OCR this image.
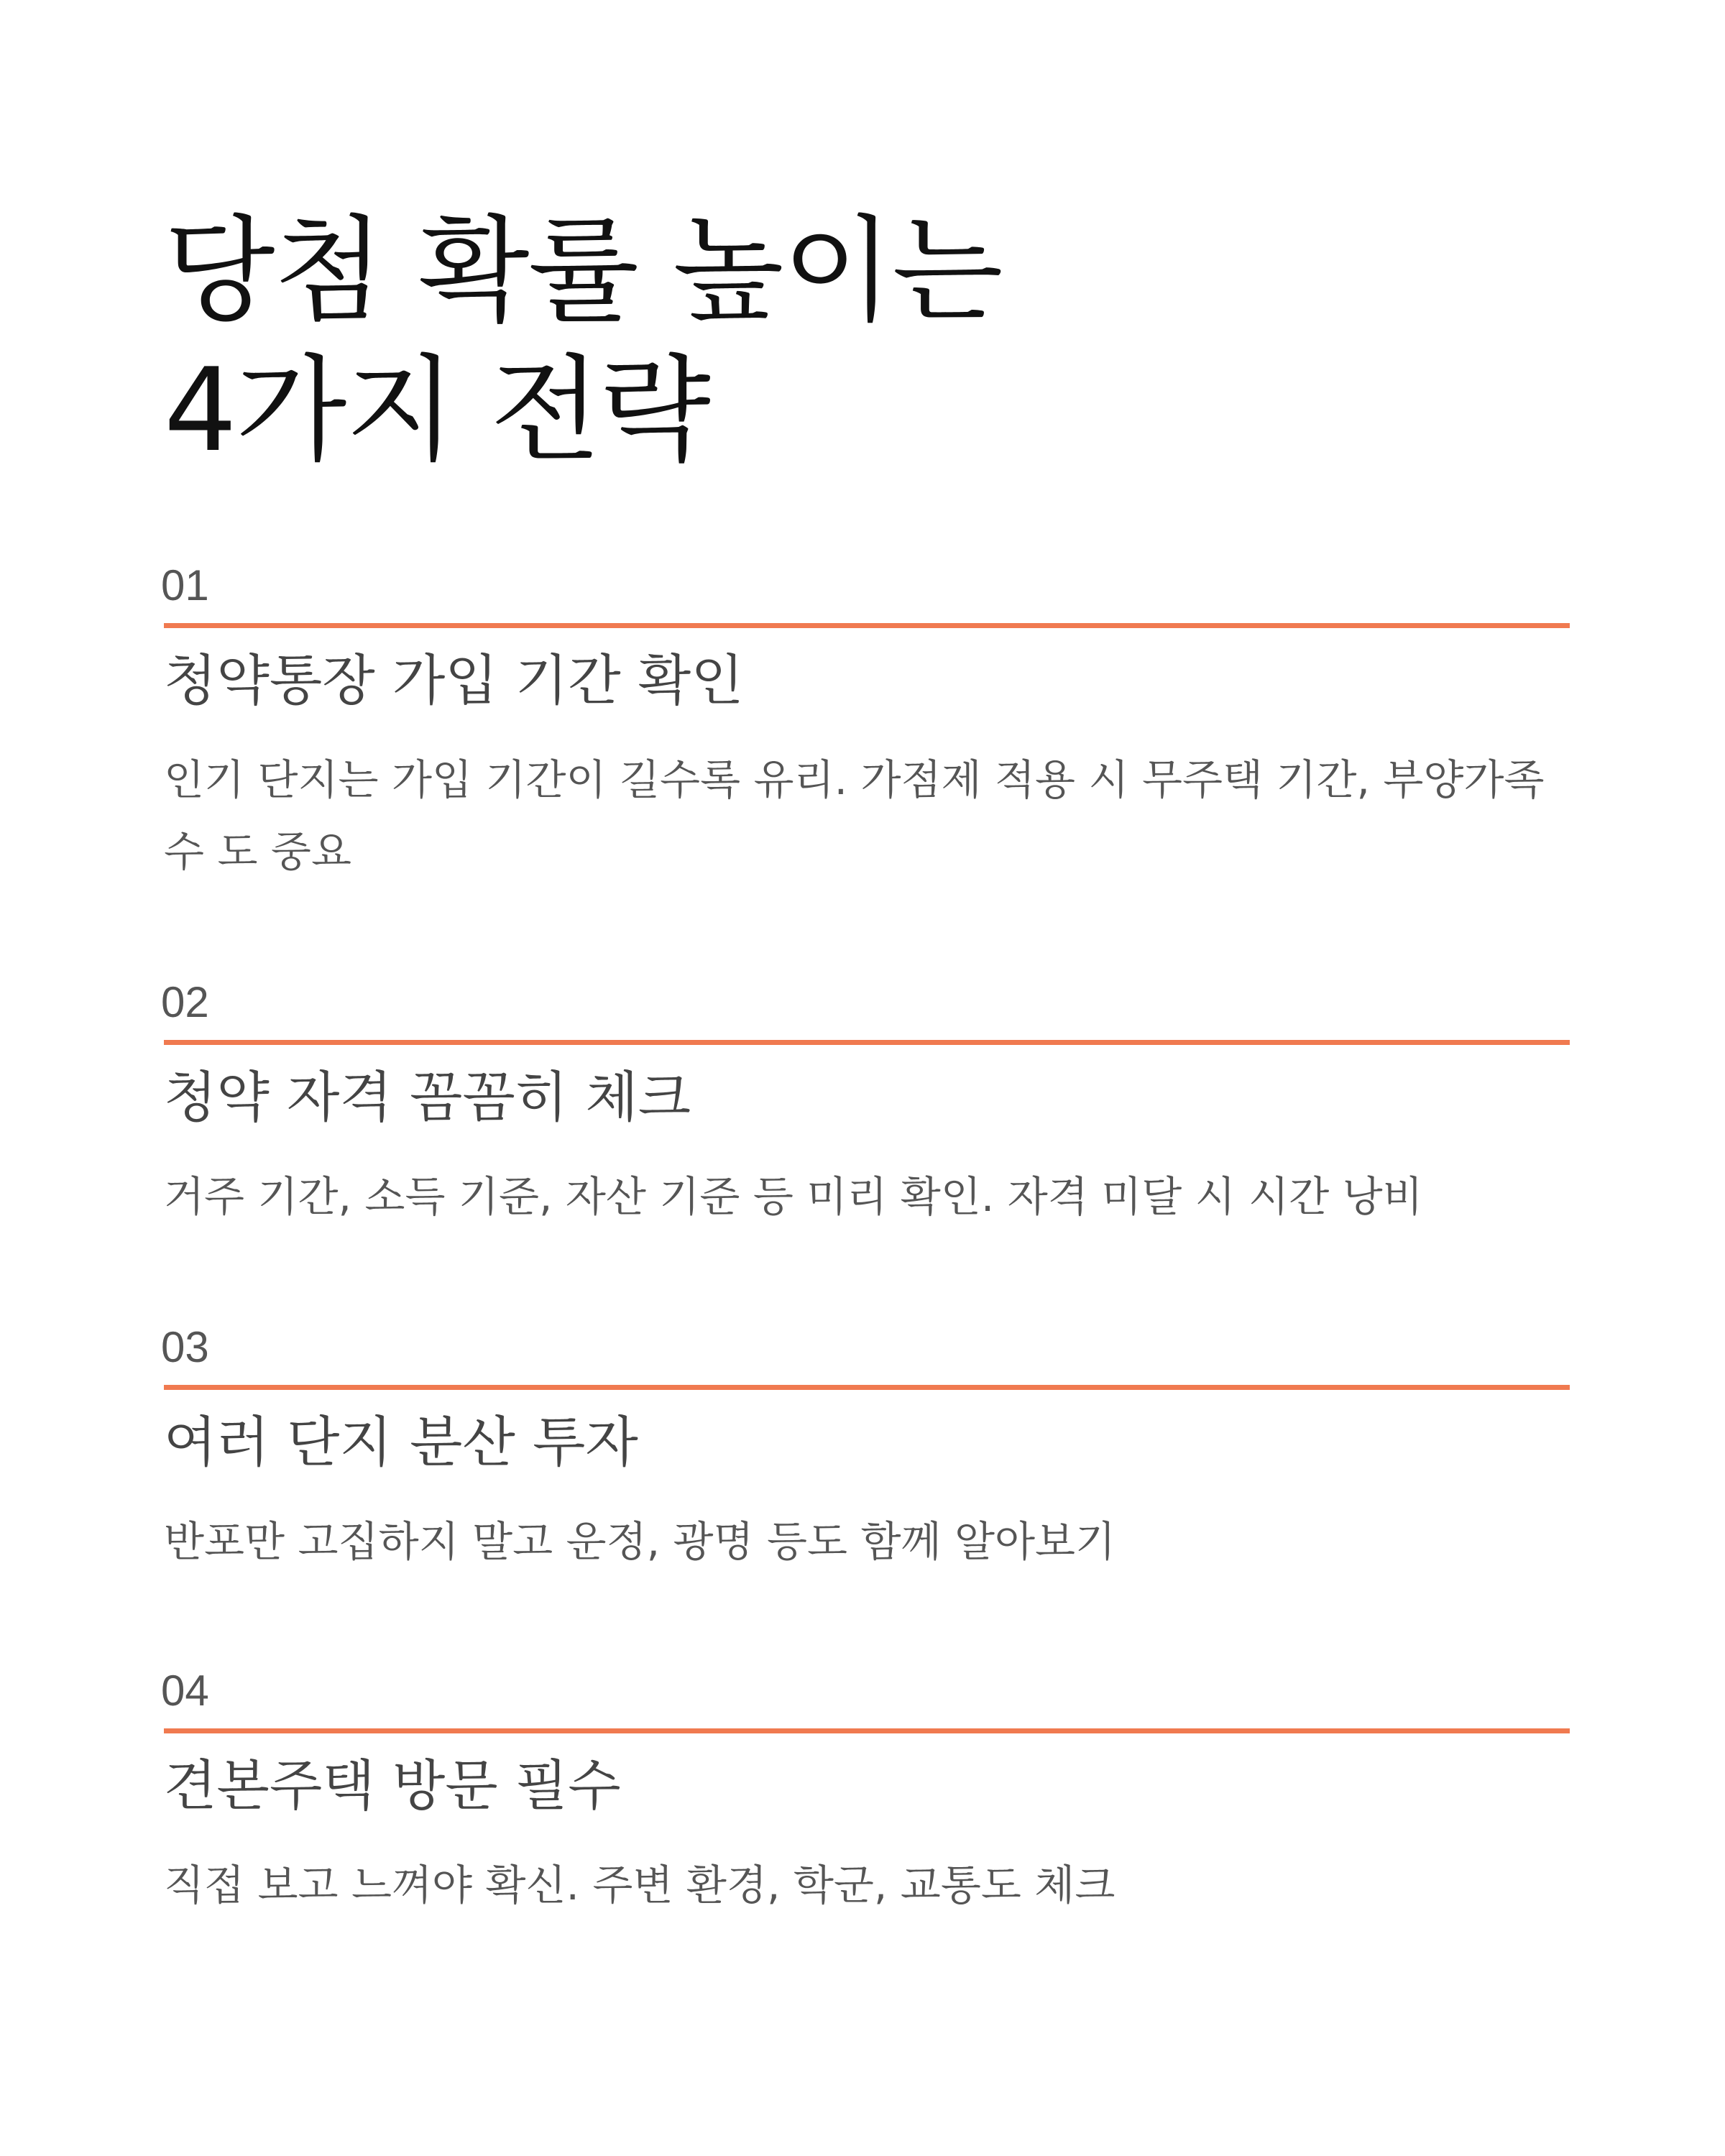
당첨 확률 높이는
4가지 전략
01
청약통장 가입 기간 확인

인기 단지는 가입 기간이 길수록 유리. 가점제 적용 시 무주택 기간, 부양가족 수 도 중요

02
청약 자격 꼼꼼히 체크

거주 기간, 소득 기준, 자산 기준 등 미리 확인. 자격 미달 시 시간 낭비

03
여러 단지 분산 투자

반포만 고집하지 말고 운정, 광명 등도 함께 알아보기

04
견본주택 방문 필수

직접 보고 느껴야 확신. 주변 환경, 학군, 교통도 체크
